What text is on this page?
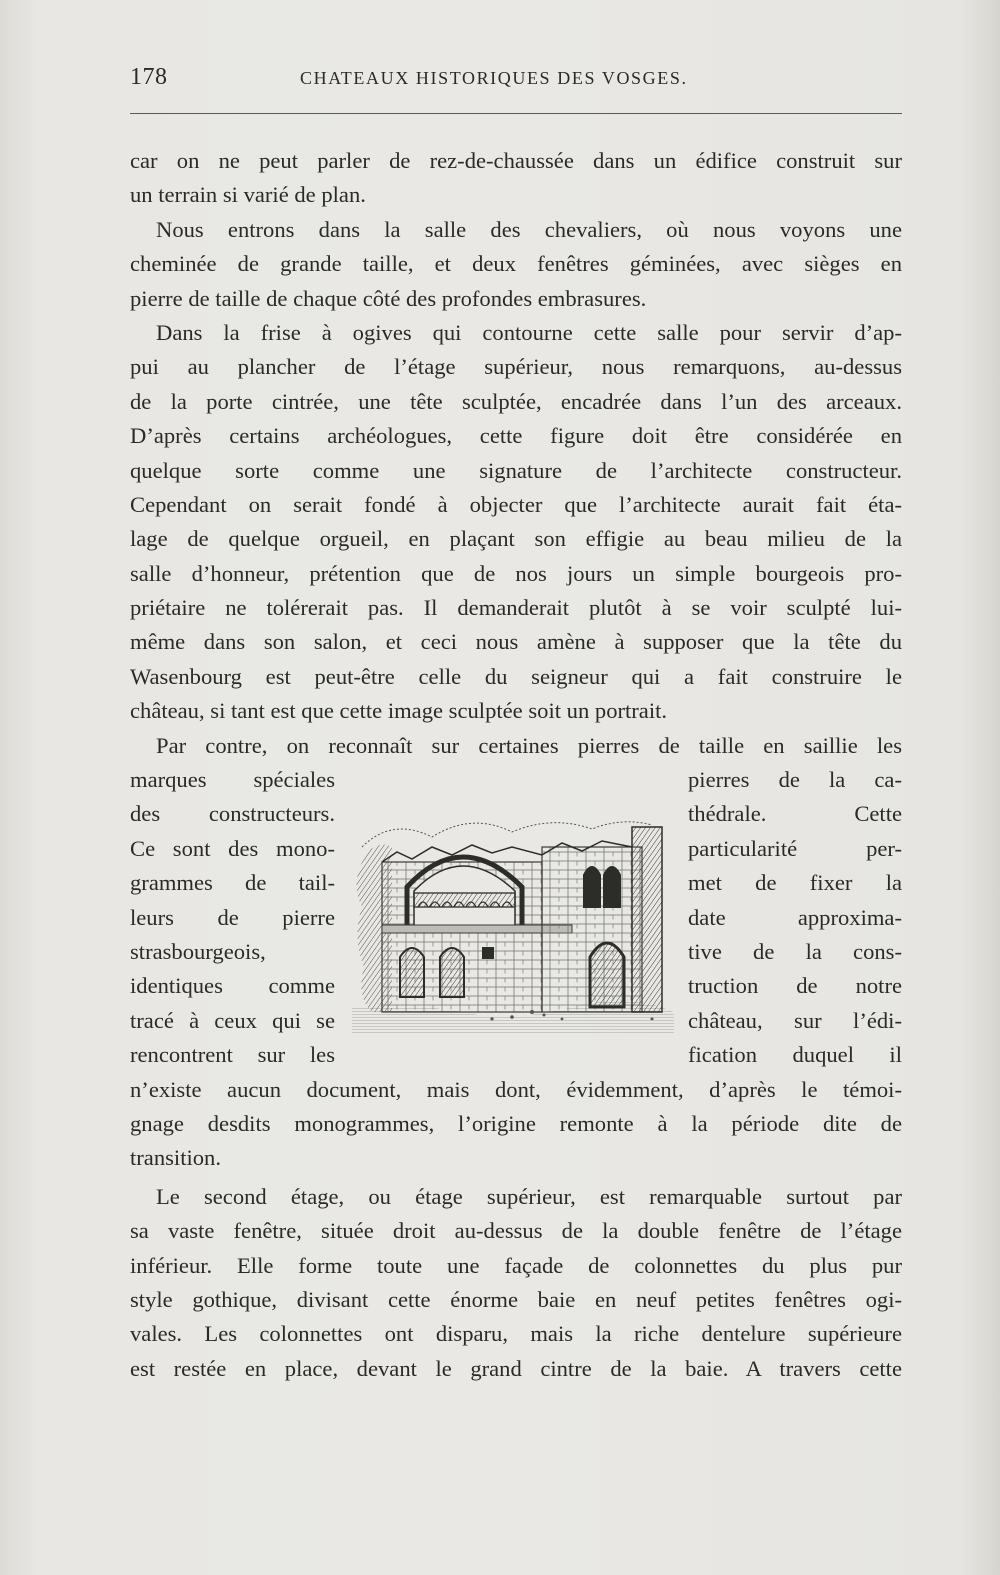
178	CHATEAUX HISTORIQUES DES VOSGES.
car on ne peut parler de rez-de-chaussée dans un édifice construit sur
un terrain si varié de plan.
Nous entrons dans la salle des chevaliers, où nous voyons une
cheminée de grande taille, et deux fenêtres géminées, avec sièges en
pierre de taille de chaque côté des profondes embrasures.
Dans la frise à ogives qui contourne cette salle pour servir d’ap-
pui au plancher de l’étage supérieur, nous remarquons, au-dessus
de la porte cintrée, une tête sculptée, encadrée dans l’un des arceaux.
D’après certains archéologues, cette figure doit être considérée en
quelque sorte comme une signature de l’architecte constructeur.
Cependant on serait fondé à objecter que l’architecte aurait fait éta-
lage de quelque orgueil, en plaçant son effigie au beau milieu de la
salle d’honneur, prétention que de nos jours un simple bourgeois pro-
priétaire ne tolérerait pas. Il demanderait plutôt à se voir sculpté lui-
même dans son salon, et ceci nous amène à supposer que la tête du
Wasenbourg est peut-être celle du seigneur qui a fait construire le
château, si tant est que cette image sculptée soit un portrait.
Par contre, on reconnaît sur certaines pierres de taille en saillie les
marques spéciales
des constructeurs.
Ce sont des mono-
grammes de tail-
leurs de pierre
strasbourgeois,
identiques comme
tracé à ceux qui se
rencontrent sur les
pierres de la ca-
thédrale. Cette
particularité per-
met de fixer la
date approxima-
tive de la cons-
truction de notre
château, sur l’édi-
fication duquel il
n’existe aucun document, mais dont, évidemment, d’après le témoi-
gnage desdits monogrammes, l’origine remonte à la période dite de
transition.
Le second étage, ou étage supérieur, est remarquable surtout par
sa vaste fenêtre, située droit au-dessus de la double fenêtre de l’étage
inférieur. Elle forme toute une façade de colonnettes du plus pur
style gothique, divisant cette énorme baie en neuf petites fenêtres ogi-
vales. Les colonnettes ont disparu, mais la riche dentelure supérieure
est restée en place, devant le grand cintre de la baie. A travers cette
